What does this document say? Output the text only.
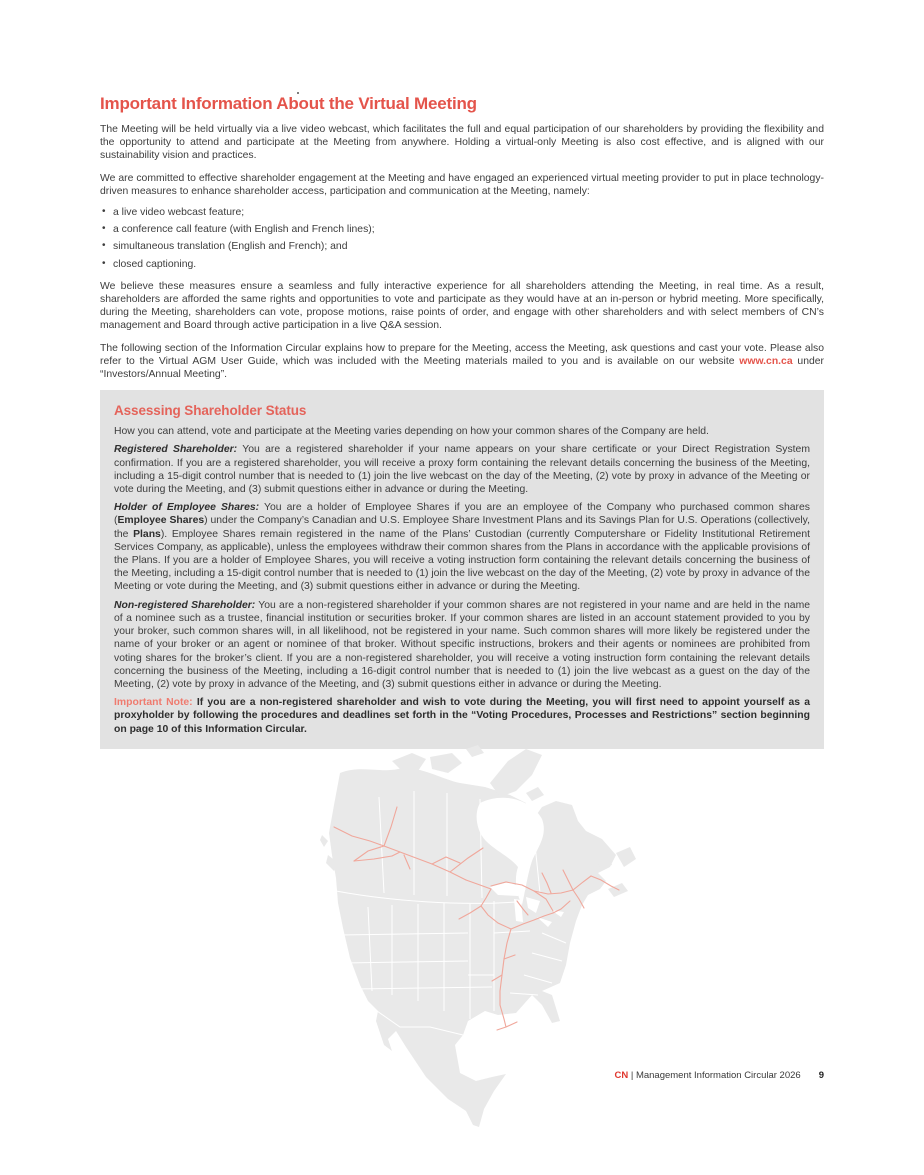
Important Information About the Virtual Meeting

The Meeting will be held virtually via a live video webcast, which facilitates the full and equal participation of our shareholders by providing the flexibility and the opportunity to attend and participate at the Meeting from anywhere. Holding a virtual-only Meeting is also cost effective, and is aligned with our sustainability vision and practices.

We are committed to effective shareholder engagement at the Meeting and have engaged an experienced virtual meeting provider to put in place technology-driven measures to enhance shareholder access, participation and communication at the Meeting, namely:

• a live video webcast feature;
• a conference call feature (with English and French lines);
• simultaneous translation (English and French); and
• closed captioning.

We believe these measures ensure a seamless and fully interactive experience for all shareholders attending the Meeting, in real time. As a result, shareholders are afforded the same rights and opportunities to vote and participate as they would have at an in-person or hybrid meeting. More specifically, during the Meeting, shareholders can vote, propose motions, raise points of order, and engage with other shareholders and with select members of CN’s management and Board through active participation in a live Q&A session.

The following section of the Information Circular explains how to prepare for the Meeting, access the Meeting, ask questions and cast your vote. Please also refer to the Virtual AGM User Guide, which was included with the Meeting materials mailed to you and is available on our website www.cn.ca under “Investors/Annual Meeting”.

Assessing Shareholder Status

How you can attend, vote and participate at the Meeting varies depending on how your common shares of the Company are held.

Registered Shareholder: You are a registered shareholder if your name appears on your share certificate or your Direct Registration System confirmation. If you are a registered shareholder, you will receive a proxy form containing the relevant details concerning the business of the Meeting, including a 15-digit control number that is needed to (1) join the live webcast on the day of the Meeting, (2) vote by proxy in advance of the Meeting or vote during the Meeting, and (3) submit questions either in advance or during the Meeting.

Holder of Employee Shares: You are a holder of Employee Shares if you are an employee of the Company who purchased common shares (Employee Shares) under the Company’s Canadian and U.S. Employee Share Investment Plans and its Savings Plan for U.S. Operations (collectively, the Plans). Employee Shares remain registered in the name of the Plans’ Custodian (currently Computershare or Fidelity Institutional Retirement Services Company, as applicable), unless the employees withdraw their common shares from the Plans in accordance with the applicable provisions of the Plans. If you are a holder of Employee Shares, you will receive a voting instruction form containing the relevant details concerning the business of the Meeting, including a 15-digit control number that is needed to (1) join the live webcast on the day of the Meeting, (2) vote by proxy in advance of the Meeting or vote during the Meeting, and (3) submit questions either in advance or during the Meeting.

Non-registered Shareholder: You are a non-registered shareholder if your common shares are not registered in your name and are held in the name of a nominee such as a trustee, financial institution or securities broker. If your common shares are listed in an account statement provided to you by your broker, such common shares will, in all likelihood, not be registered in your name. Such common shares will more likely be registered under the name of your broker or an agent or nominee of that broker. Without specific instructions, brokers and their agents or nominees are prohibited from voting shares for the broker’s client. If you are a non-registered shareholder, you will receive a voting instruction form containing the relevant details concerning the business of the Meeting, including a 16-digit control number that is needed to (1) join the live webcast as a guest on the day of the Meeting, (2) vote by proxy in advance of the Meeting, and (3) submit questions either in advance or during the Meeting.

Important Note: If you are a non-registered shareholder and wish to vote during the Meeting, you will first need to appoint yourself as a proxyholder by following the procedures and deadlines set forth in the “Voting Procedures, Processes and Restrictions” section beginning on page 10 of this Information Circular.

CN | Management Information Circular 2026 9
